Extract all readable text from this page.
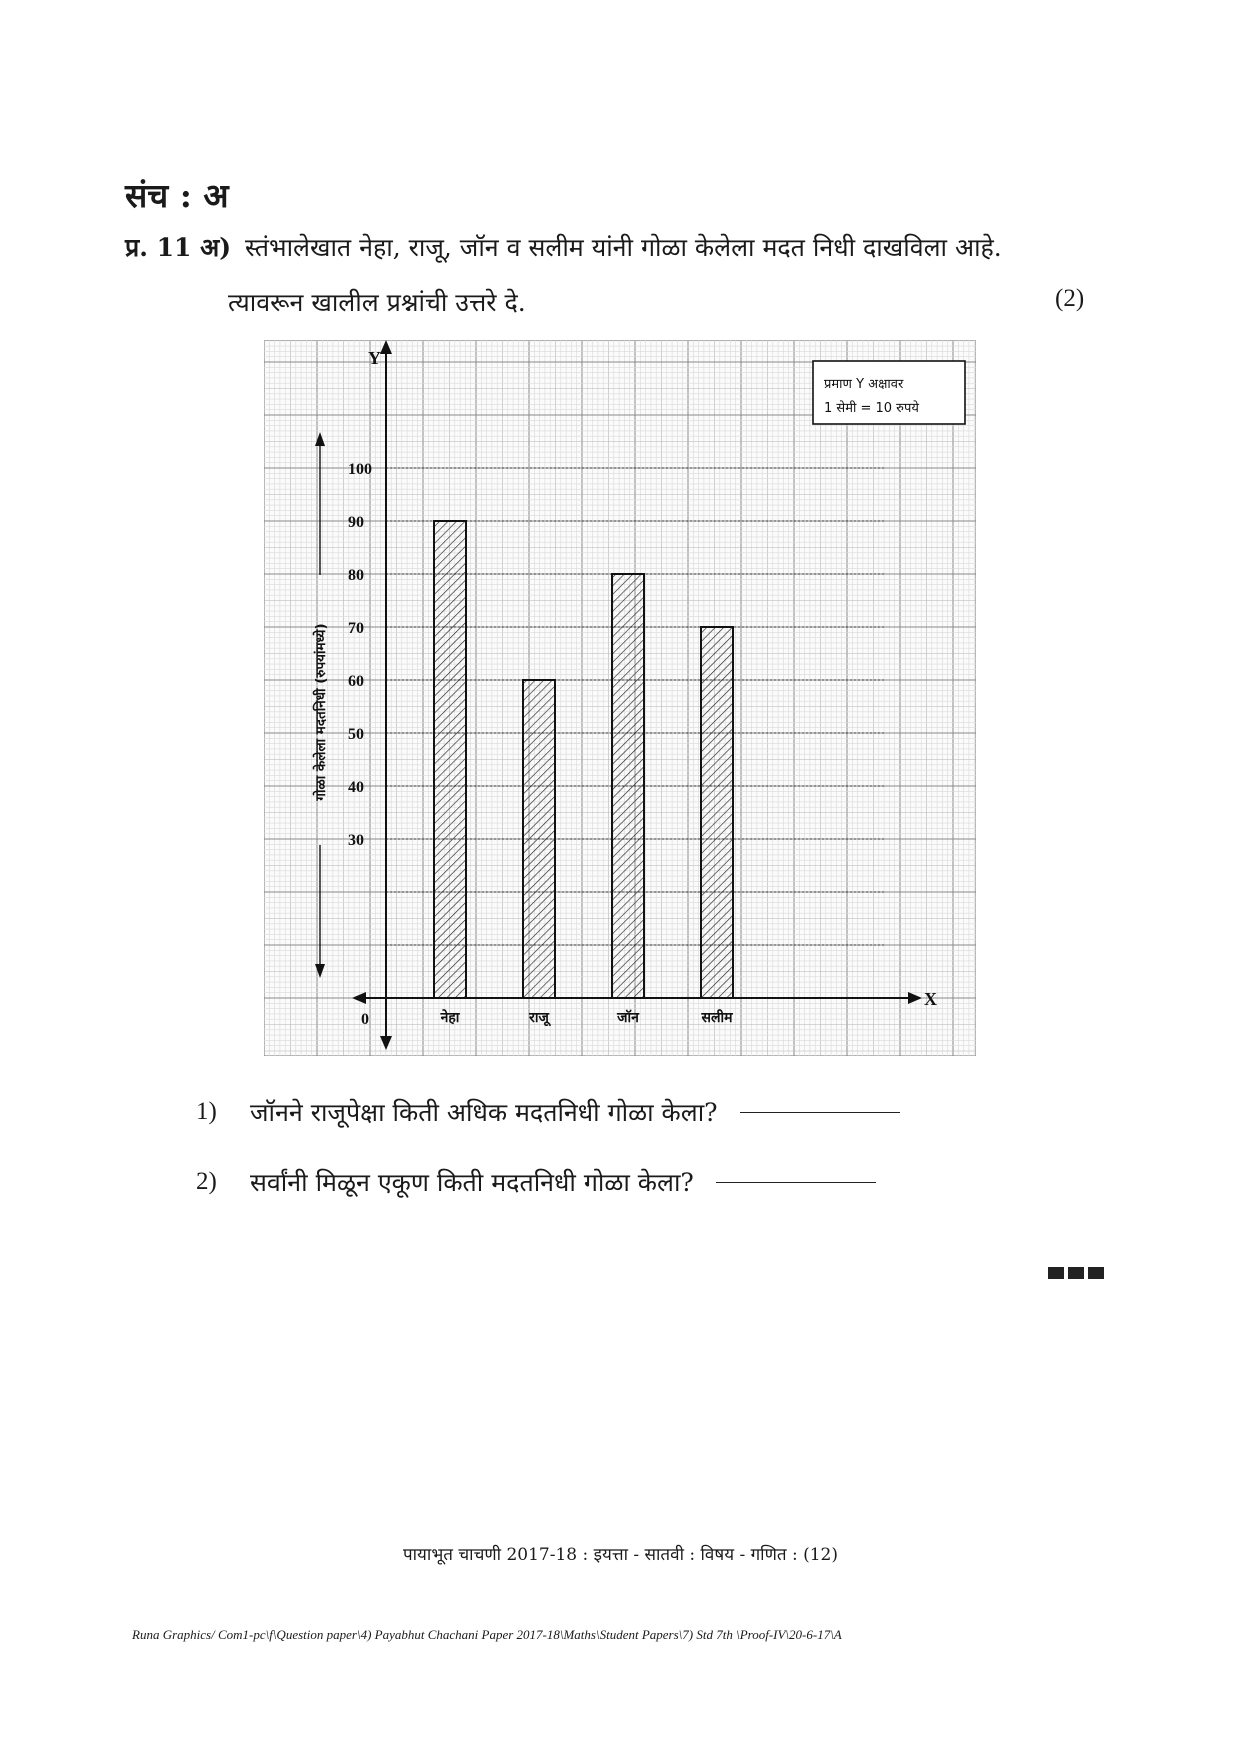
संच : अ
प्र. 11 अ) स्तंभालेखात नेहा, राजू, जॉन व सलीम यांनी गोळा केलेला मदत निधी दाखविला आहे.
त्यावरून खालील प्रश्नांची उत्तरे दे.	(2)
Y
X
0
गोळा केलेला मदतनिधी (रुपयांमध्ये)
30
40
50
60
70
80
90
100
नेहा	राजू	जॉन	सलीम
प्रमाण Y अक्षावर
1 सेमी = 10 रुपये
1)	जॉनने राजूपेक्षा किती अधिक मदतनिधी गोळा केला?
2)	सर्वांनी मिळून एकूण किती मदतनिधी गोळा केला?
पायाभूत चाचणी 2017-18 : इयत्ता - सातवी : विषय - गणित : (12)
Runa Graphics/ Com1-pc\f\Question paper\4) Payabhut Chachani Paper 2017-18\Maths\Student Papers\7) Std 7th \Proof-IV\20-6-17\A
